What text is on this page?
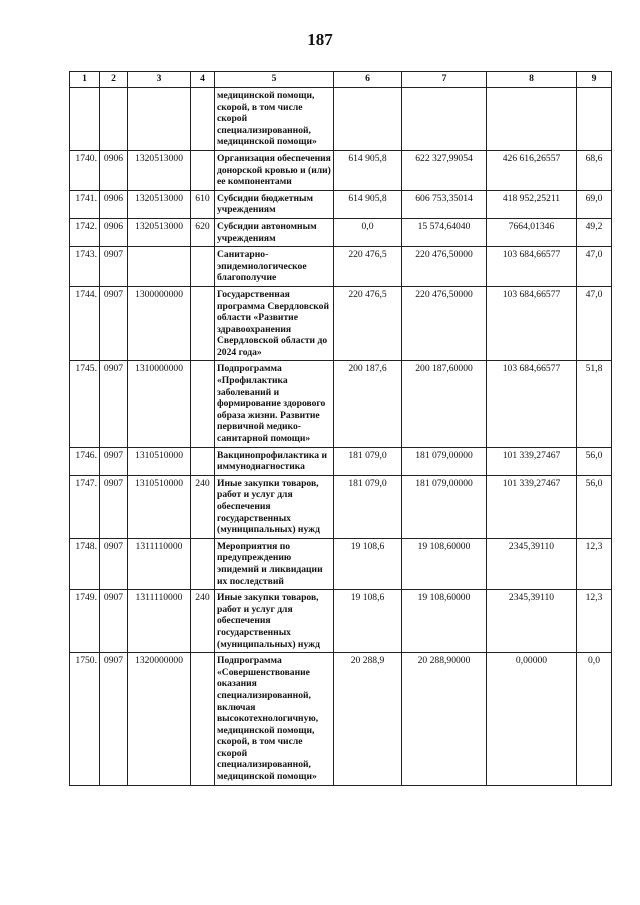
187
1	2	3	4	5	6	7	8	9
				медицинской помощи, скорой, в том числе скорой специализированной, медицинской помощи»				
1740.	0906	1320513000		Организация обеспечения донорской кровью и (или) ее компонентами	614 905,8	622 327,99054	426 616,26557	68,6
1741.	0906	1320513000	610	Субсидии бюджетным учреждениям	614 905,8	606 753,35014	418 952,25211	69,0
1742.	0906	1320513000	620	Субсидии автономным учреждениям	0,0	15 574,64040	7664,01346	49,2
1743.	0907			Санитарно-эпидемиологическое благополучие	220 476,5	220 476,50000	103 684,66577	47,0
1744.	0907	1300000000		Государственная программа Свердловской области «Развитие здравоохранения Свердловской области до 2024 года»	220 476,5	220 476,50000	103 684,66577	47,0
1745.	0907	1310000000		Подпрограмма «Профилактика заболеваний и формирование здорового образа жизни. Развитие первичной медико-санитарной помощи»	200 187,6	200 187,60000	103 684,66577	51,8
1746.	0907	1310510000		Вакцинопрофилактика и иммунодиагностика	181 079,0	181 079,00000	101 339,27467	56,0
1747.	0907	1310510000	240	Иные закупки товаров, работ и услуг для обеспечения государственных (муниципальных) нужд	181 079,0	181 079,00000	101 339,27467	56,0
1748.	0907	1311110000		Мероприятия по предупреждению эпидемий и ликвидации их последствий	19 108,6	19 108,60000	2345,39110	12,3
1749.	0907	1311110000	240	Иные закупки товаров, работ и услуг для обеспечения государственных (муниципальных) нужд	19 108,6	19 108,60000	2345,39110	12,3
1750.	0907	1320000000		Подпрограмма «Совершенствование оказания специализированной, включая высокотехнологичную, медицинской помощи, скорой, в том числе скорой специализированной, медицинской помощи»	20 288,9	20 288,90000	0,00000	0,0
